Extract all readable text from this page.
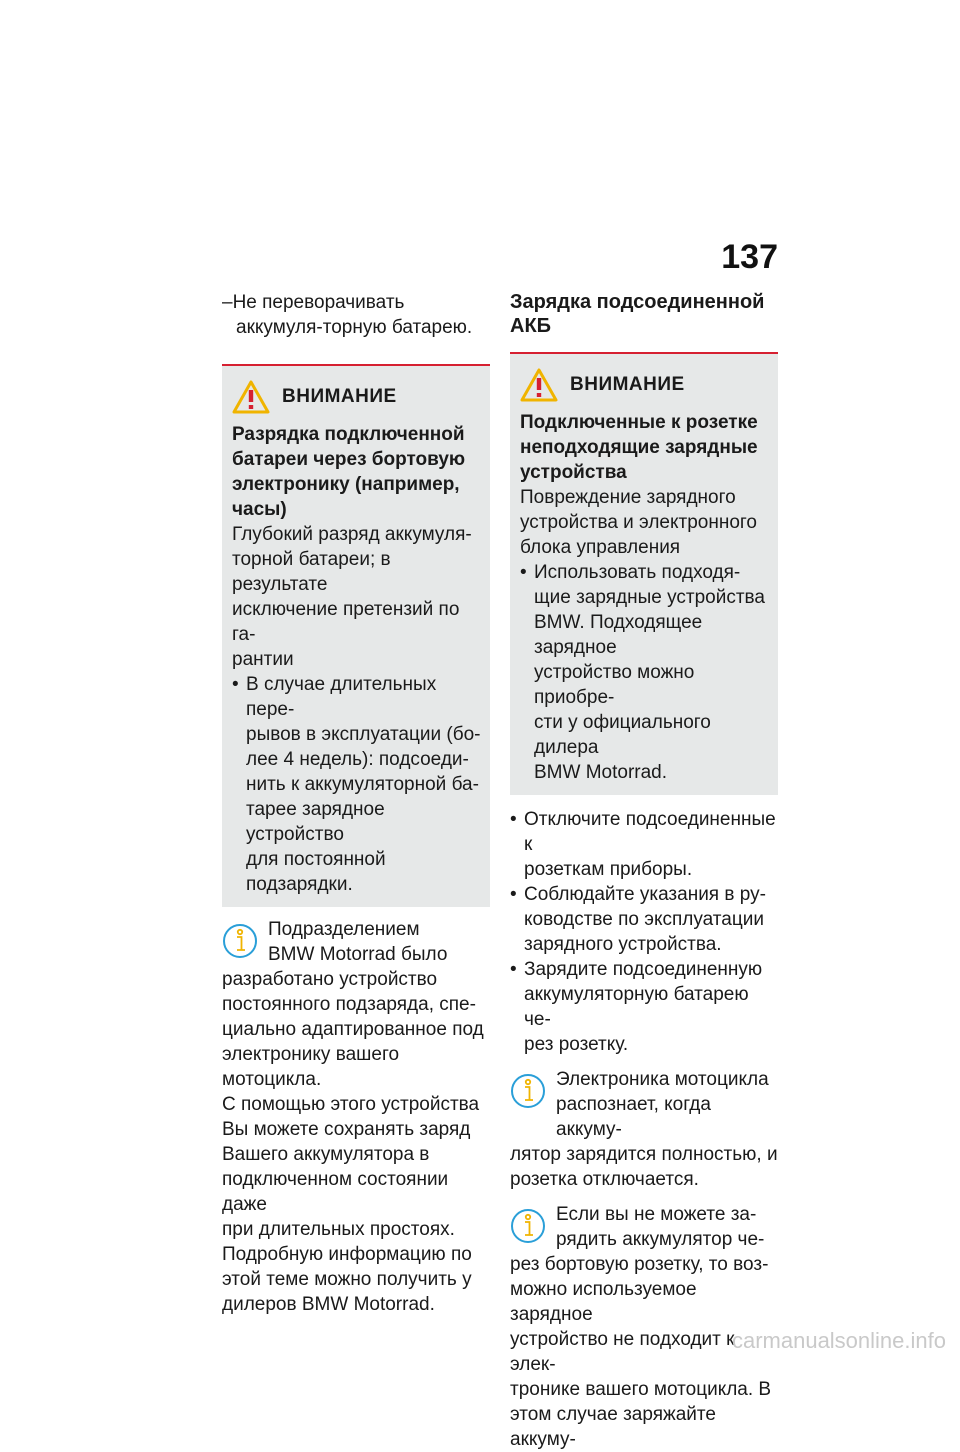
137

–Не переворачивать аккумуля-торную батарею.

ВНИМАНИЕ

Разрядка подключенной

батареи через бортовую

электронику (например,

часы)

Глубокий разряд аккумуля-

торной батареи; в результате

исключение претензий по га-

рантии

• В случае длительных пере-
рывов в эксплуатации (бо-
лее 4 недель): подсоеди-
нить к аккумуляторной ба-
тарее зарядное устройство
для постоянной подзарядки.

Подразделением

BMW Motorrad было

разработано устройство

постоянного подзаряда, спе-

циально адаптированное под

электронику вашего мотоцикла.

С помощью этого устройства

Вы можете сохранять заряд

Вашего аккумулятора в

подключенном состоянии даже

при длительных простоях.

Подробную информацию по

этой теме можно получить у

дилеров BMW Motorrad.

Зарядка подсоединенной
АКБ
ВНИМАНИЕ

Подключенные к розетке

неподходящие зарядные

устройства

Повреждение зарядного

устройства и электронного

блока управления

• Использовать подходя-
щие зарядные устройства
BMW. Подходящее зарядное
устройство можно приобре-
сти у официального дилера
BMW Motorrad.
• Отключите подсоединенные к
розеткам приборы.
• Соблюдайте указания в ру-
ководстве по эксплуатации
зарядного устройства.
• Зарядите подсоединенную
аккумуляторную батарею че-
рез розетку.

Электроника мотоцикла

распознает, когда аккуму-

лятор зарядится полностью, и

розетка отключается.

Если вы не можете за-

рядить аккумулятор че-

рез бортовую розетку, то воз-

можно используемое зарядное

устройство не подходит к элек-

тронике вашего мотоцикла. В

этом случае заряжайте аккуму-

carmanualsonline.info
